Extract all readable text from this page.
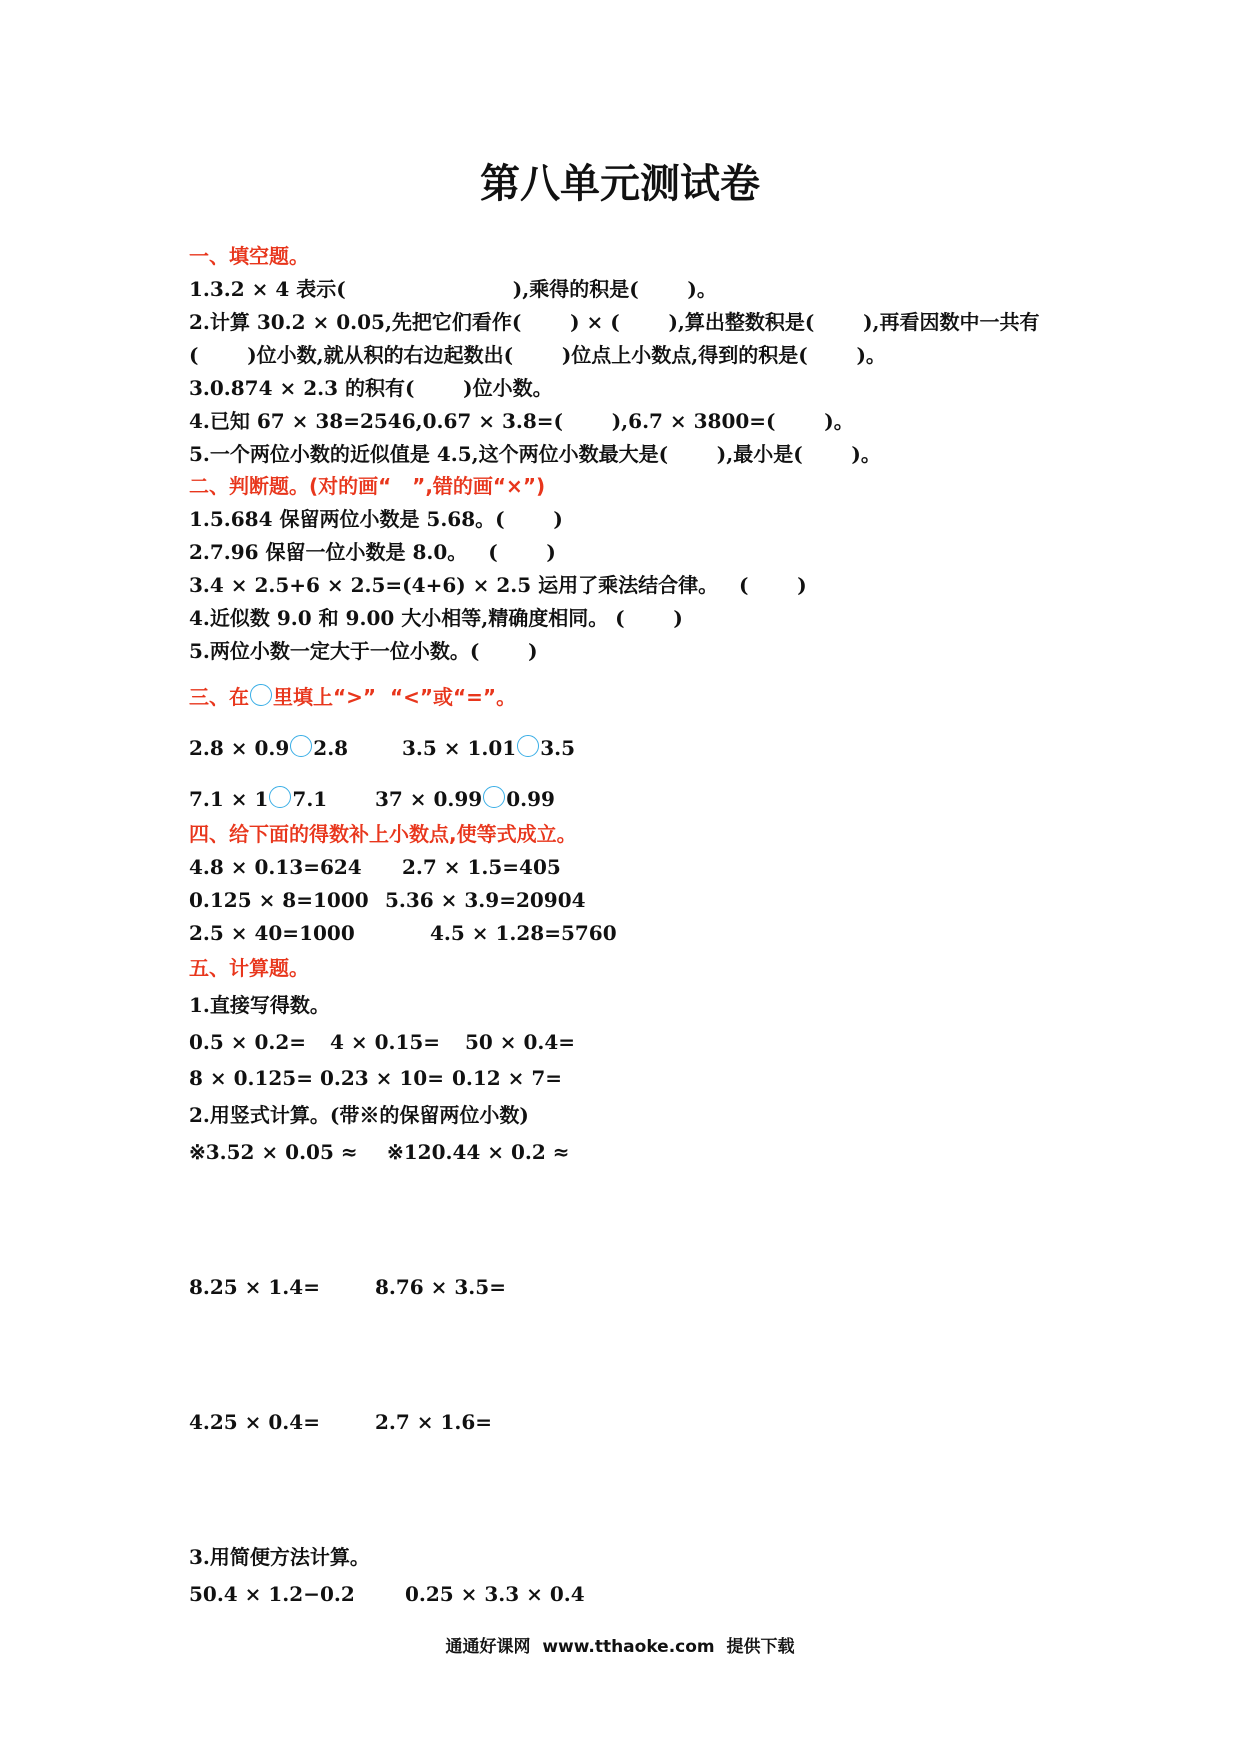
第八单元测试卷
一、填空题。
1.3.2 × 4 表示(                        ),乘得的积是(       )。
2.计算 30.2 × 0.05,先把它们看作(       ) × (       ),算出整数积是(       ),再看因数中一共有
(       )位小数,就从积的右边起数出(       )位点上小数点,得到的积是(       )。
3.0.874 × 2.3 的积有(       )位小数。
4.已知 67 × 38=2546,0.67 × 3.8=(       ),6.7 × 3800=(       )。
5.一个两位小数的近似值是 4.5,这个两位小数最大是(       ),最小是(       )。
二、判断题。(对的画“   ”,错的画“×”)
1.5.684 保留两位小数是 5.68。(       )
2.7.96 保留一位小数是 8.0。   (       )
3.4 × 2.5+6 × 2.5=(4+6) × 2.5 运用了乘法结合律。   (       )
4.近似数 9.0 和 9.00 大小相等,精确度相同。 (       )
5.两位小数一定大于一位小数。(       )
三、在 里填上“>”  “<”或“=”。
2.8 × 0.9 2.8	3.5 × 1.01 3.5
7.1 × 1 7.1 37 × 0.99 0.99
四、给下面的得数补上小数点,使等式成立。
4.8 × 0.13=624 2.7 × 1.5=405
0.125 × 8=1000 5.36 × 3.9=20904
2.5 × 40=1000	4.5 × 1.28=5760
五、计算题。
1.直接写得数。
0.5 × 0.2= 4 × 0.15= 50 × 0.4=
8 × 0.125= 0.23 × 10= 0.12 × 7=
2.用竖式计算。(带※的保留两位小数)
※3.52 × 0.05 ≈ ※120.44 × 0.2 ≈
8.25 × 1.4=	8.76 × 3.5=
4.25 × 0.4=	2.7 × 1.6=
3.用简便方法计算。
50.4 × 1.2−0.2	0.25 × 3.3 × 0.4
通通好课网  www.tthaoke.com  提供下载
